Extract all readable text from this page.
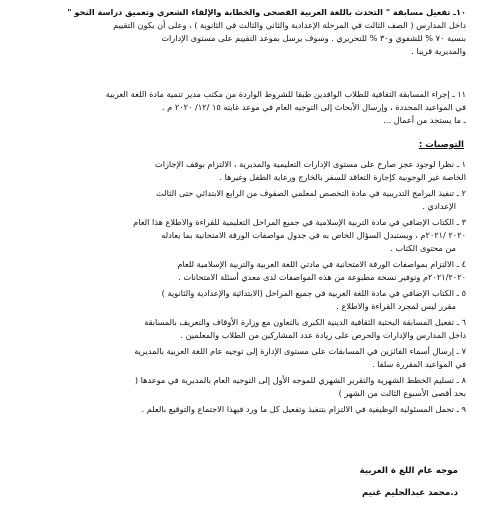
١٠ـ تفعيل مسابقة " التحدث باللغة العربية الفصحى والخطابة والإلقاء الشعري وتعميق دراسة النحو "
داخل المدارس ( الصف الثالث في المرحلة الإعدادية والثاني والثالث في الثانوية ) ، وعلى أن يكون التقييم
بنسبة ٧٠ % للشفوي و٣٠ % للتحريري . وسوف يرسل بموعد التقييم على مستوى الإدارات
والمديرية قريبا .
١١ ـ إجراء المسابقة الثقافية للطلاب الوافدين طبقا للشروط الواردة من مكتب مدير تنمية مادة اللغة العربية
في المواعيد المحددة ، وإرسال الأبحاث إلى التوجيه العام في موعد غايته ١٥ /١٢/ ٢٠٢٠ م .
ـ ما يستجد من أعمال ...
التوصيات :
١ ـ نظرا لوجود عجز صارخ على مستوى الإدارات التعليمية والمديرية ، الالتزام بوقف الإجازات
الخاصة غير الوجوبية كإجازة التعاقد للسفر بالخارج ورعاية الطفل وغيرها .
٢ ـ تنفيذ البرامج التدريبية في مادة التخصص لمعلمي الصفوف من الرابع الابتدائي حتى الثالث
الإعدادي .
٣ ـ الكتاب الإضافي في مادة التربية الإسلامية في جميع المراحل التعليمية للقراءة والاطلاع هذا العام
٢٠٢٠ /٢٠٢١م ، ويستبدل السؤال الخاص به في جدول مواصفات الورقة الامتحانية بما يعادله
من محتوى الكتاب .
٤ ـ الالتزام بمواصفات الورقة الامتحانية في مادتي اللغة العربية والتربية الإسلامية للعام
٢٠٢١/٢٠٢٠م وتوفير نسخة مطبوعة من هذه المواصفات لدى معدي أسئلة الامتحانات .
٥ ـ الكتاب الإضافي في مادة اللغة العربية في جميع المراحل (الابتدائية والإعدادية والثانوية )
مقرر ليس لمجرد القراءة والاطلاع .
٦ ـ تفعيل المسابقة البحثية الثقافية الدينية الكبرى بالتعاون مع وزارة الأوقاف والتعريف بالمسابقة
داخل المدارس والإدارات والحرص على زيادة عدد المشاركين من الطلاب والمعلمين .
٧ ـ إرسال أسماء الفائزين في المسابقات على مستوى الإدارة إلى توجيه عام اللغة العربية بالمديرية
في المواعيد المقررة سلفا .
٨ ـ تسليم الخطط الشهرية والتقرير الشهري للموجه الأول إلى التوجيه العام بالمديرية في موعدها (
بحد أقصى الأسبوع الثالث من الشهر )
٩ ـ تحمل المسئولية الوظيفية في الالتزام بتنفيذ وتفعيل كل ما ورد فيهذا الاجتماع والتوقيع بالعلم .
موجه عام اللغ ة العربية
د.محمد عبدالحليم غنيم
